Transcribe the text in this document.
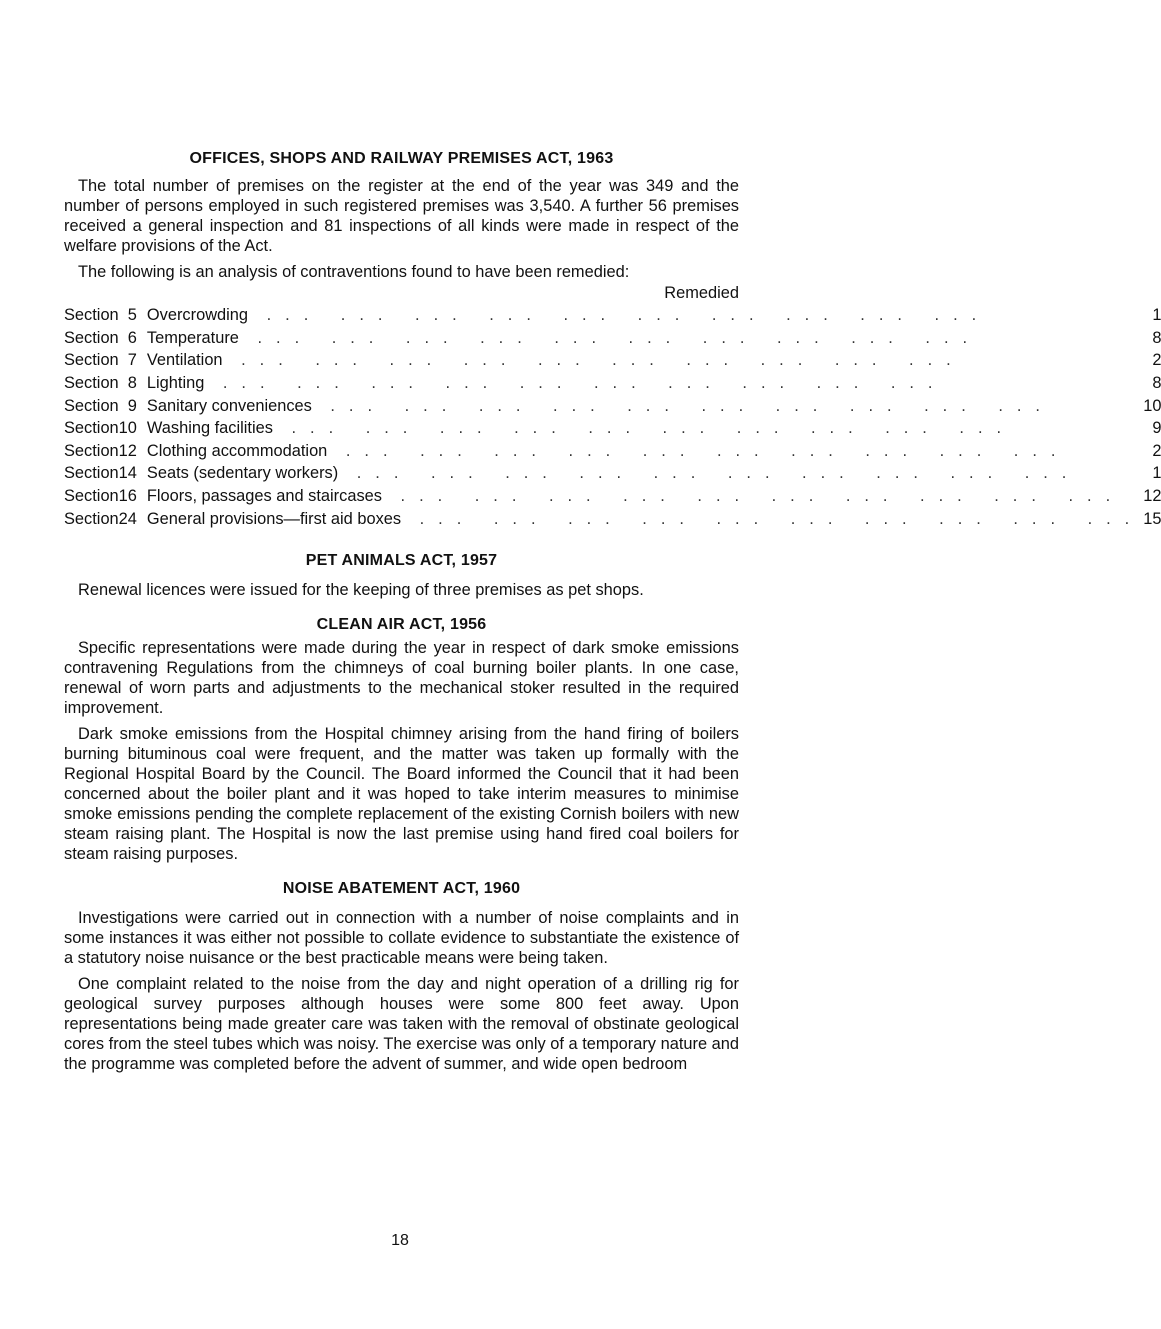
OFFICES, SHOPS AND RAILWAY PREMISES ACT, 1963

The total number of premises on the register at the end of the year was 349 and the number of persons employed in such registered premises was 3,540. A further 56 premises received a general inspection and 81 inspections of all kinds were made in respect of the welfare provisions of the Act.

The following is an analysis of contraventions found to have been remedied:

Remedied
Section	5	Overcrowding ... ... ... ... ... ... ... ... ... ...	1
Section	6	Temperature ... ... ... ... ... ... ... ... ... ...	8
Section	7	Ventilation ... ... ... ... ... ... ... ... ... ...	2
Section	8	Lighting ... ... ... ... ... ... ... ... ... ...	8
Section	9	Sanitary conveniences ... ... ... ... ... ... ... ... ... ...	10
Section	10	Washing facilities ... ... ... ... ... ... ... ... ... ...	9
Section	12	Clothing accommodation ... ... ... ... ... ... ... ... ... ...	2
Section	14	Seats (sedentary workers) ... ... ... ... ... ... ... ... ... ...	1
Section	16	Floors, passages and staircases ... ... ... ... ... ... ... ... ... ...	12
Section	24	General provisions—first aid boxes ... ... ... ... ... ... ... ... ... ...	15
PET ANIMALS ACT, 1957

Renewal licences were issued for the keeping of three premises as pet shops.

CLEAN AIR ACT, 1956

Specific representations were made during the year in respect of dark smoke emissions contravening Regulations from the chimneys of coal burning boiler plants. In one case, renewal of worn parts and adjustments to the mechanical stoker resulted in the required improvement.

Dark smoke emissions from the Hospital chimney arising from the hand firing of boilers burning bituminous coal were frequent, and the matter was taken up formally with the Regional Hospital Board by the Council. The Board informed the Council that it had been concerned about the boiler plant and it was hoped to take interim measures to minimise smoke emissions pending the complete replacement of the existing Cornish boilers with new steam raising plant. The Hospital is now the last premise using hand fired coal boilers for steam raising purposes.

NOISE ABATEMENT ACT, 1960

Investigations were carried out in connection with a number of noise complaints and in some instances it was either not possible to collate evidence to substantiate the existence of a statutory noise nuisance or the best practicable means were being taken.

One complaint related to the noise from the day and night operation of a drilling rig for geological survey purposes although houses were some 800 feet away. Upon representations being made greater care was taken with the removal of obstinate geological cores from the steel tubes which was noisy. The exercise was only of a temporary nature and the programme was completed before the advent of summer, and wide open bedroom

18
